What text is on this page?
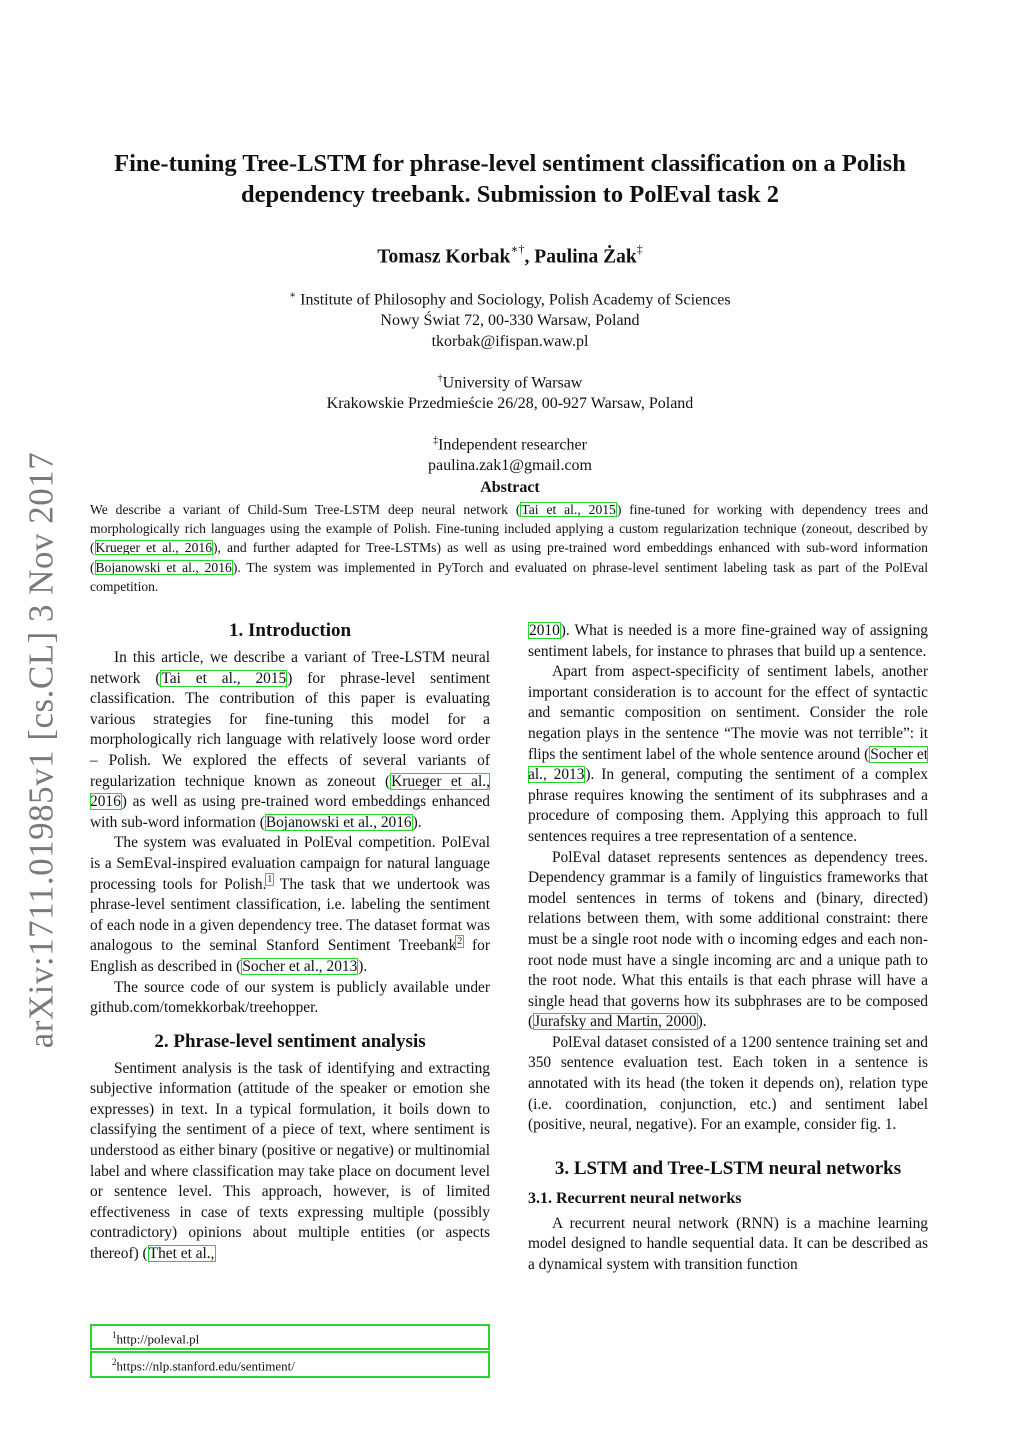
arXiv:1711.01985v1 [cs.CL] 3 Nov 2017
Fine-tuning Tree-LSTM for phrase-level sentiment classification on a Polish
dependency treebank. Submission to PolEval task 2
Tomasz Korbak∗†, Paulina Żak‡
∗ Institute of Philosophy and Sociology, Polish Academy of Sciences
Nowy Świat 72, 00-330 Warsaw, Poland
tkorbak@ifispan.waw.pl
†University of Warsaw
Krakowskie Przedmieście 26/28, 00-927 Warsaw, Poland
‡Independent researcher
paulina.zak1@gmail.com
Abstract

We describe a variant of Child-Sum Tree-LSTM deep neural network (Tai et al., 2015) fine-tuned for working with dependency trees and morphologically rich languages using the example of Polish. Fine-tuning included applying a custom regularization technique (zoneout, described by (Krueger et al., 2016), and further adapted for Tree-LSTMs) as well as using pre-trained word embeddings enhanced with sub-word information (Bojanowski et al., 2016). The system was implemented in PyTorch and evaluated on phrase-level sentiment labeling task as part of the PolEval competition.

1. Introduction

In this article, we describe a variant of Tree-LSTM neural network (Tai et al., 2015) for phrase-level sentiment classification. The contribution of this paper is evaluating various strategies for fine-tuning this model for a morphologically rich language with relatively loose word order – Polish. We explored the effects of several variants of regularization technique known as zoneout (Krueger et al., 2016) as well as using pre-trained word embeddings enhanced with sub-word information (Bojanowski et al., 2016).

The system was evaluated in PolEval competition. PolEval is a SemEval-inspired evaluation campaign for natural language processing tools for Polish.$^1$ The task that we undertook was phrase-level sentiment classification, i.e. labeling the sentiment of each node in a given dependency tree. The dataset format was analogous to the seminal Stanford Sentiment Treebank$^2$ for English as described in (Socher et al., 2013).

The source code of our system is publicly available under github.com/tomekkorbak/treehopper.

2. Phrase-level sentiment analysis

Sentiment analysis is the task of identifying and extracting subjective information (attitude of the speaker or emotion she expresses) in text. In a typical formulation, it boils down to classifying the sentiment of a piece of text, where sentiment is understood as either binary (positive or negative) or multinomial label and where classification may take place on document level or sentence level. This approach, however, is of limited effectiveness in case of texts expressing multiple (possibly contradictory) opinions about multiple entities (or aspects thereof) (Thet et al.,

$^1$http://poleval.pl
$^2$https://nlp.stanford.edu/sentiment/

2010). What is needed is a more fine-grained way of assigning sentiment labels, for instance to phrases that build up a sentence.

Apart from aspect-specificity of sentiment labels, another important consideration is to account for the effect of syntactic and semantic composition on sentiment. Consider the role negation plays in the sentence “The movie was not terrible”: it flips the sentiment label of the whole sentence around (Socher et al., 2013). In general, computing the sentiment of a complex phrase requires knowing the sentiment of its subphrases and a procedure of composing them. Applying this approach to full sentences requires a tree representation of a sentence.

PolEval dataset represents sentences as dependency trees. Dependency grammar is a family of linguistics frameworks that model sentences in terms of tokens and (binary, directed) relations between them, with some additional constraint: there must be a single root node with o incoming edges and each non-root node must have a single incoming arc and a unique path to the root node. What this entails is that each phrase will have a single head that governs how its subphrases are to be composed (Jurafsky and Martin, 2000).

PolEval dataset consisted of a 1200 sentence training set and 350 sentence evaluation test. Each token in a sentence is annotated with its head (the token it depends on), relation type (i.e. coordination, conjunction, etc.) and sentiment label (positive, neural, negative). For an example, consider fig. 1.

3. LSTM and Tree-LSTM neural networks
3.1. Recurrent neural networks

A recurrent neural network (RNN) is a machine learning model designed to handle sequential data. It can be described as a dynamical system with transition function
